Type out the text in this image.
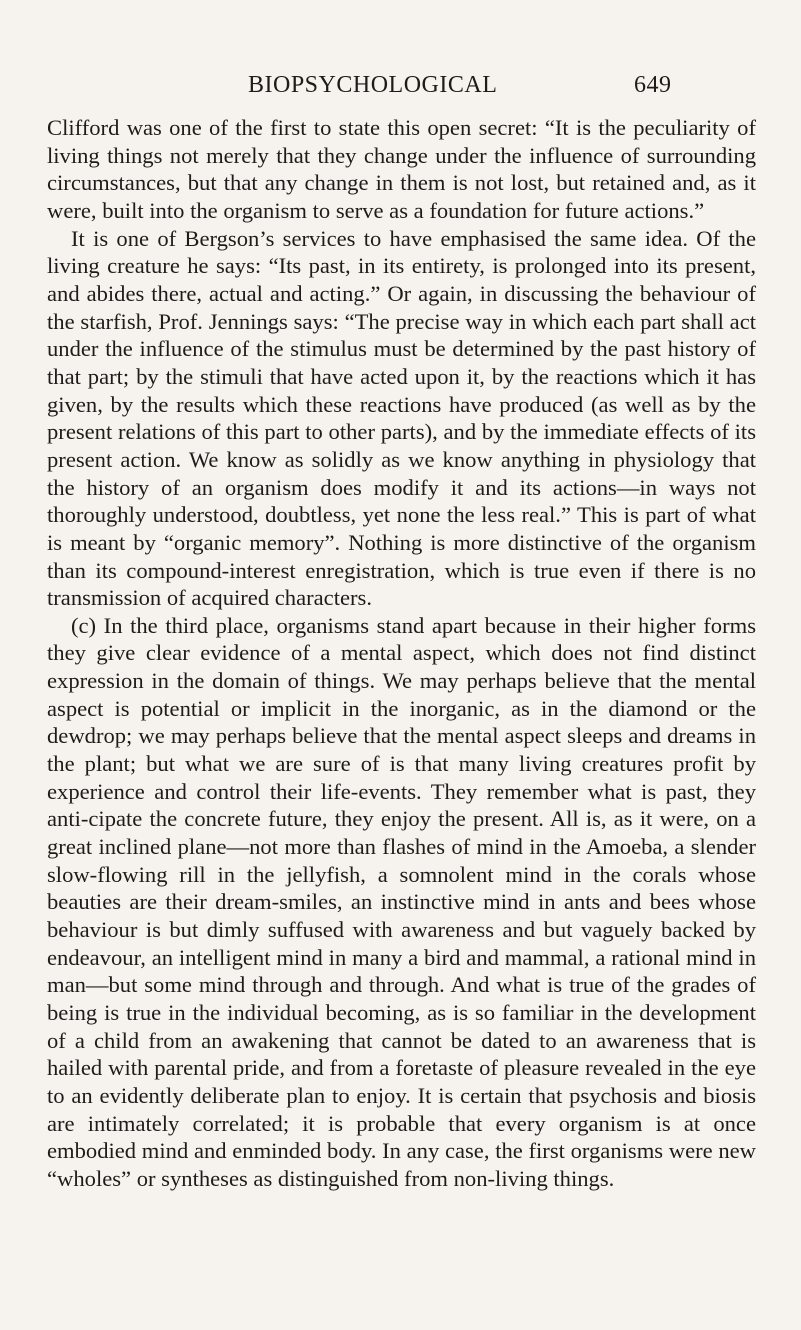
BIOPSYCHOLOGICAL	649

Clifford was one of the first to state this open secret: “It is the peculiarity of living things not merely that they change under the influence of surrounding circumstances, but that any change in them is not lost, but retained and, as it were, built into the organism to serve as a foundation for future actions.”

It is one of Bergson’s services to have emphasised the same idea. Of the living creature he says: “Its past, in its entirety, is prolonged into its present, and abides there, actual and acting.” Or again, in discussing the behaviour of the starfish, Prof. Jennings says: “The precise way in which each part shall act under the influence of the stimulus must be determined by the past history of that part; by the stimuli that have acted upon it, by the reactions which it has given, by the results which these reactions have produced (as well as by the present relations of this part to other parts), and by the immediate effects of its present action. We know as solidly as we know anything in physiology that the history of an organism does modify it and its actions—in ways not thoroughly understood, doubtless, yet none the less real.” This is part of what is meant by “organic memory”. Nothing is more distinctive of the organism than its compound-interest enregistration, which is true even if there is no transmission of acquired characters.

(c) In the third place, organisms stand apart because in their higher forms they give clear evidence of a mental aspect, which does not find distinct expression in the domain of things. We may perhaps believe that the mental aspect is potential or implicit in the inorganic, as in the diamond or the dewdrop; we may perhaps believe that the mental aspect sleeps and dreams in the plant; but what we are sure of is that many living creatures profit by experience and control their life-events. They remember what is past, they anti-cipate the concrete future, they enjoy the present. All is, as it were, on a great inclined plane—not more than flashes of mind in the Amoeba, a slender slow-flowing rill in the jellyfish, a somnolent mind in the corals whose beauties are their dream-smiles, an instinctive mind in ants and bees whose behaviour is but dimly suffused with awareness and but vaguely backed by endeavour, an intelligent mind in many a bird and mammal, a rational mind in man—but some mind through and through. And what is true of the grades of being is true in the individual becoming, as is so familiar in the development of a child from an awakening that cannot be dated to an awareness that is hailed with parental pride, and from a foretaste of pleasure revealed in the eye to an evidently deliberate plan to enjoy. It is certain that psychosis and biosis are intimately correlated; it is probable that every organism is at once embodied mind and enminded body. In any case, the first organisms were new “wholes” or syntheses as distinguished from non-living things.
